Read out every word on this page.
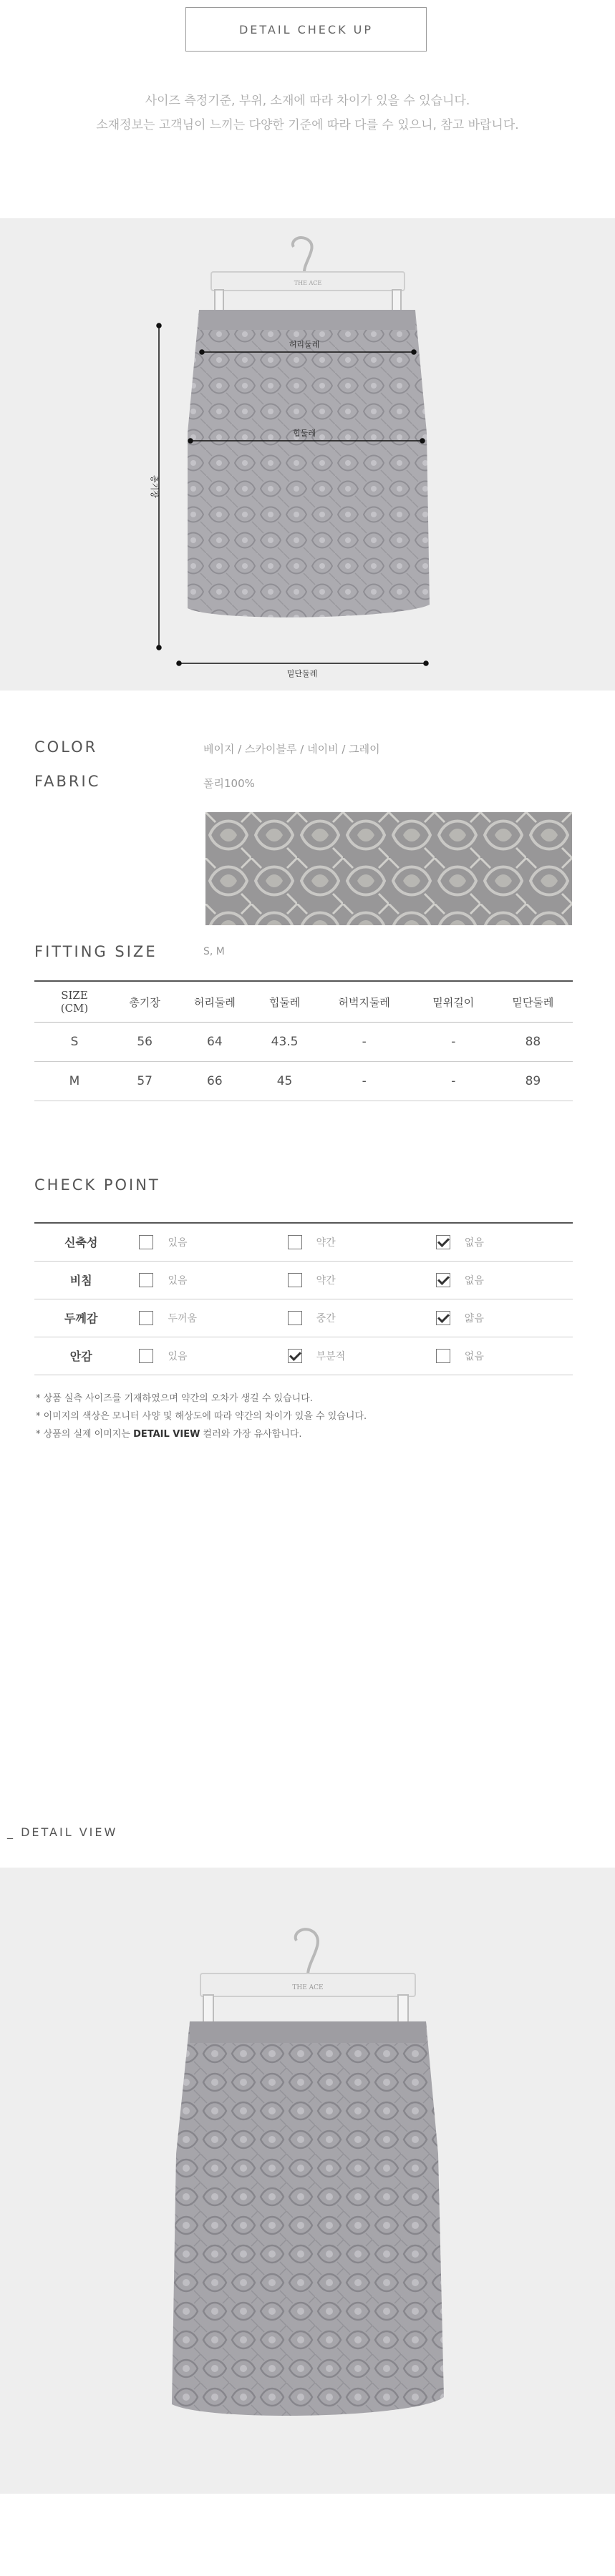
DETAIL CHECK UP
사이즈 측정기준, 부위, 소재에 따라 차이가 있을 수 있습니다.
소재정보는 고객님이 느끼는 다양한 기준에 따라 다를 수 있으니, 참고 바랍니다.
THE ACE
허리둘레
힙둘레
총기장
밑단둘레
COLOR	베이지 / 스카이블루 / 네이비 / 그레이
FABRIC	폴리100%
FITTING SIZE	S, M
SIZE
(CM)	총기장	허리둘레	힙둘레	허벅지둘레	밑위길이	밑단둘레
S	56	64	43.5	-	-	88
M	57	66	45	-	-	89
CHECK POINT
신축성	있음	약간	없음

비침	있음	약간	없음

두께감	두꺼움	중간	얇음

안감	있음	부분적	없음
* 상품 실측 사이즈를 기재하였으며 약간의 오차가 생길 수 있습니다.
* 이미지의 색상은 모니터 사양 및 해상도에 따라 약간의 차이가 있을 수 있습니다.
* 상품의 실제 이미지는 DETAIL VIEW 컬러와 가장 유사합니다.
_ DETAIL VIEW
THE ACE
